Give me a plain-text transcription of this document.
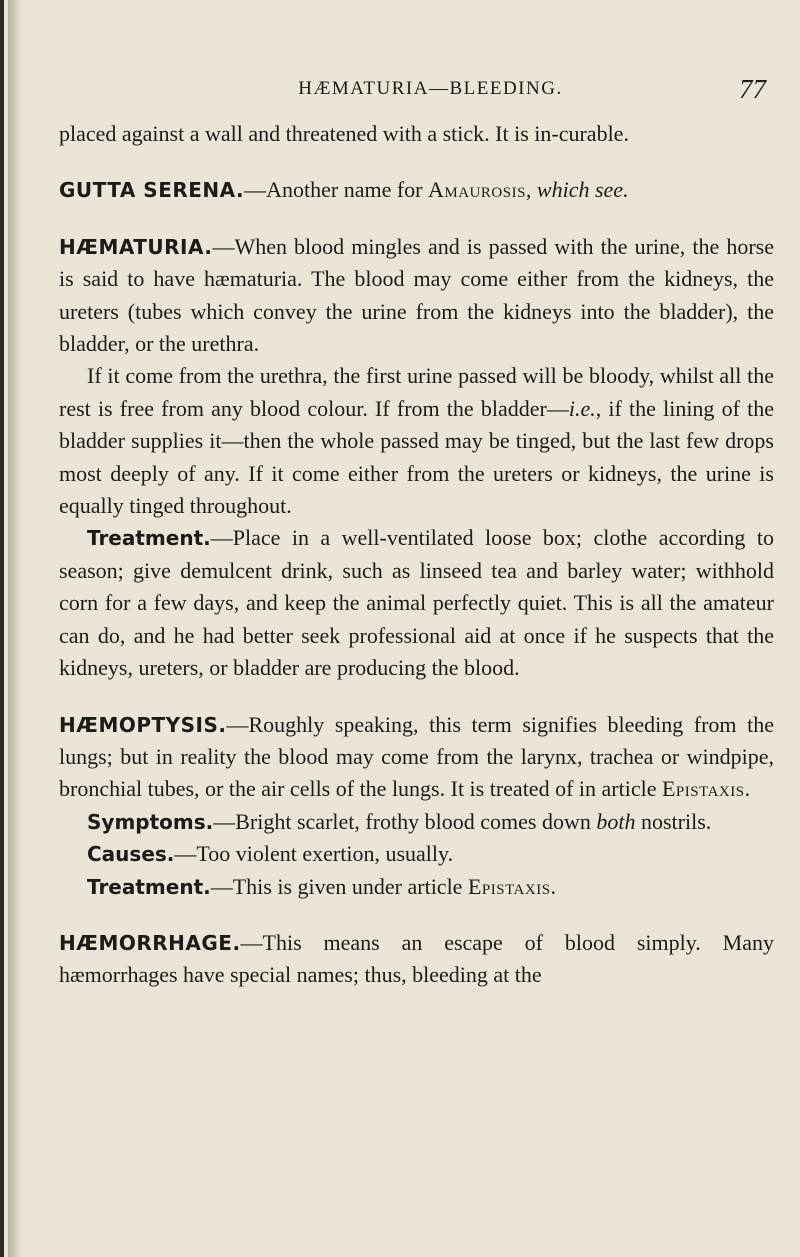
HÆMATURIA—BLEEDING.	77

placed against a wall and threatened with a stick. It is in-curable.

GUTTA SERENA.—Another name for Amaurosis, which see.

HÆMATURIA.—When blood mingles and is passed with the urine, the horse is said to have hæmaturia. The blood may come either from the kidneys, the ureters (tubes which convey the urine from the kidneys into the bladder), the bladder, or the urethra.

If it come from the urethra, the first urine passed will be bloody, whilst all the rest is free from any blood colour. If from the bladder—i.e., if the lining of the bladder supplies it—then the whole passed may be tinged, but the last few drops most deeply of any. If it come either from the ureters or kidneys, the urine is equally tinged throughout.

Treatment.—Place in a well-ventilated loose box; clothe according to season; give demulcent drink, such as linseed tea and barley water; withhold corn for a few days, and keep the animal perfectly quiet. This is all the amateur can do, and he had better seek professional aid at once if he suspects that the kidneys, ureters, or bladder are producing the blood.

HÆMOPTYSIS.—Roughly speaking, this term signifies bleeding from the lungs; but in reality the blood may come from the larynx, trachea or windpipe, bronchial tubes, or the air cells of the lungs. It is treated of in article Epistaxis.

Symptoms.—Bright scarlet, frothy blood comes down both nostrils.

Causes.—Too violent exertion, usually.

Treatment.—This is given under article Epistaxis.

HÆMORRHAGE.—This means an escape of blood simply. Many hæmorrhages have special names; thus, bleeding at the
